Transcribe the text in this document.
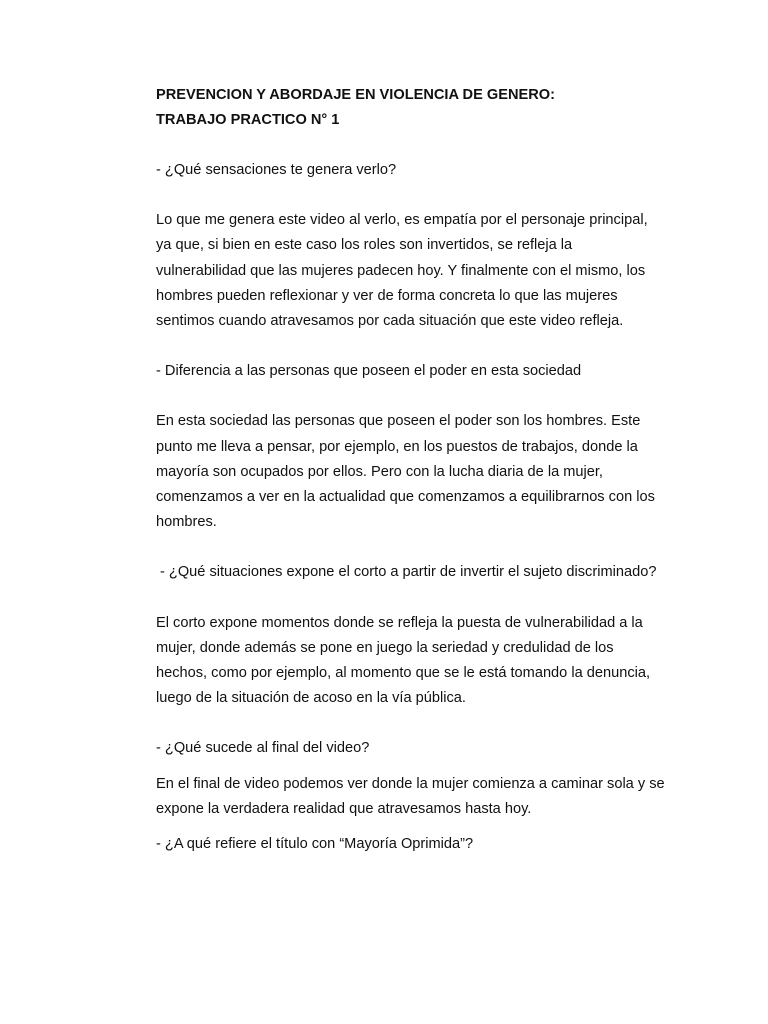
PREVENCION Y ABORDAJE EN VIOLENCIA DE GENERO:

TRABAJO PRACTICO N° 1

- ¿Qué sensaciones te genera verlo?

Lo que me genera este video al verlo, es empatía por el personaje principal, ya que, si bien en este caso los roles son invertidos, se refleja la vulnerabilidad que las mujeres padecen hoy. Y finalmente con el mismo, los hombres pueden reflexionar y ver de forma concreta lo que las mujeres sentimos cuando atravesamos por cada situación que este video refleja.

- Diferencia a las personas que poseen el poder en esta sociedad

En esta sociedad las personas que poseen el poder son los hombres. Este punto me lleva a pensar, por ejemplo, en los puestos de trabajos, donde la mayoría son ocupados por ellos. Pero con la lucha diaria de la mujer, comenzamos a ver en la actualidad que comenzamos a equilibrarnos con los hombres.

- ¿Qué situaciones expone el corto a partir de invertir el sujeto discriminado?

El corto expone momentos donde se refleja la puesta de vulnerabilidad a la mujer, donde además se pone en juego la seriedad y credulidad de los hechos, como por ejemplo, al momento que se le está tomando la denuncia, luego de la situación de acoso en la vía pública.

- ¿Qué sucede al final del video?

En el final de video podemos ver donde la mujer comienza a caminar sola y se expone la verdadera realidad que atravesamos hasta hoy.

- ¿A qué refiere el título con “Mayoría Oprimida”?
